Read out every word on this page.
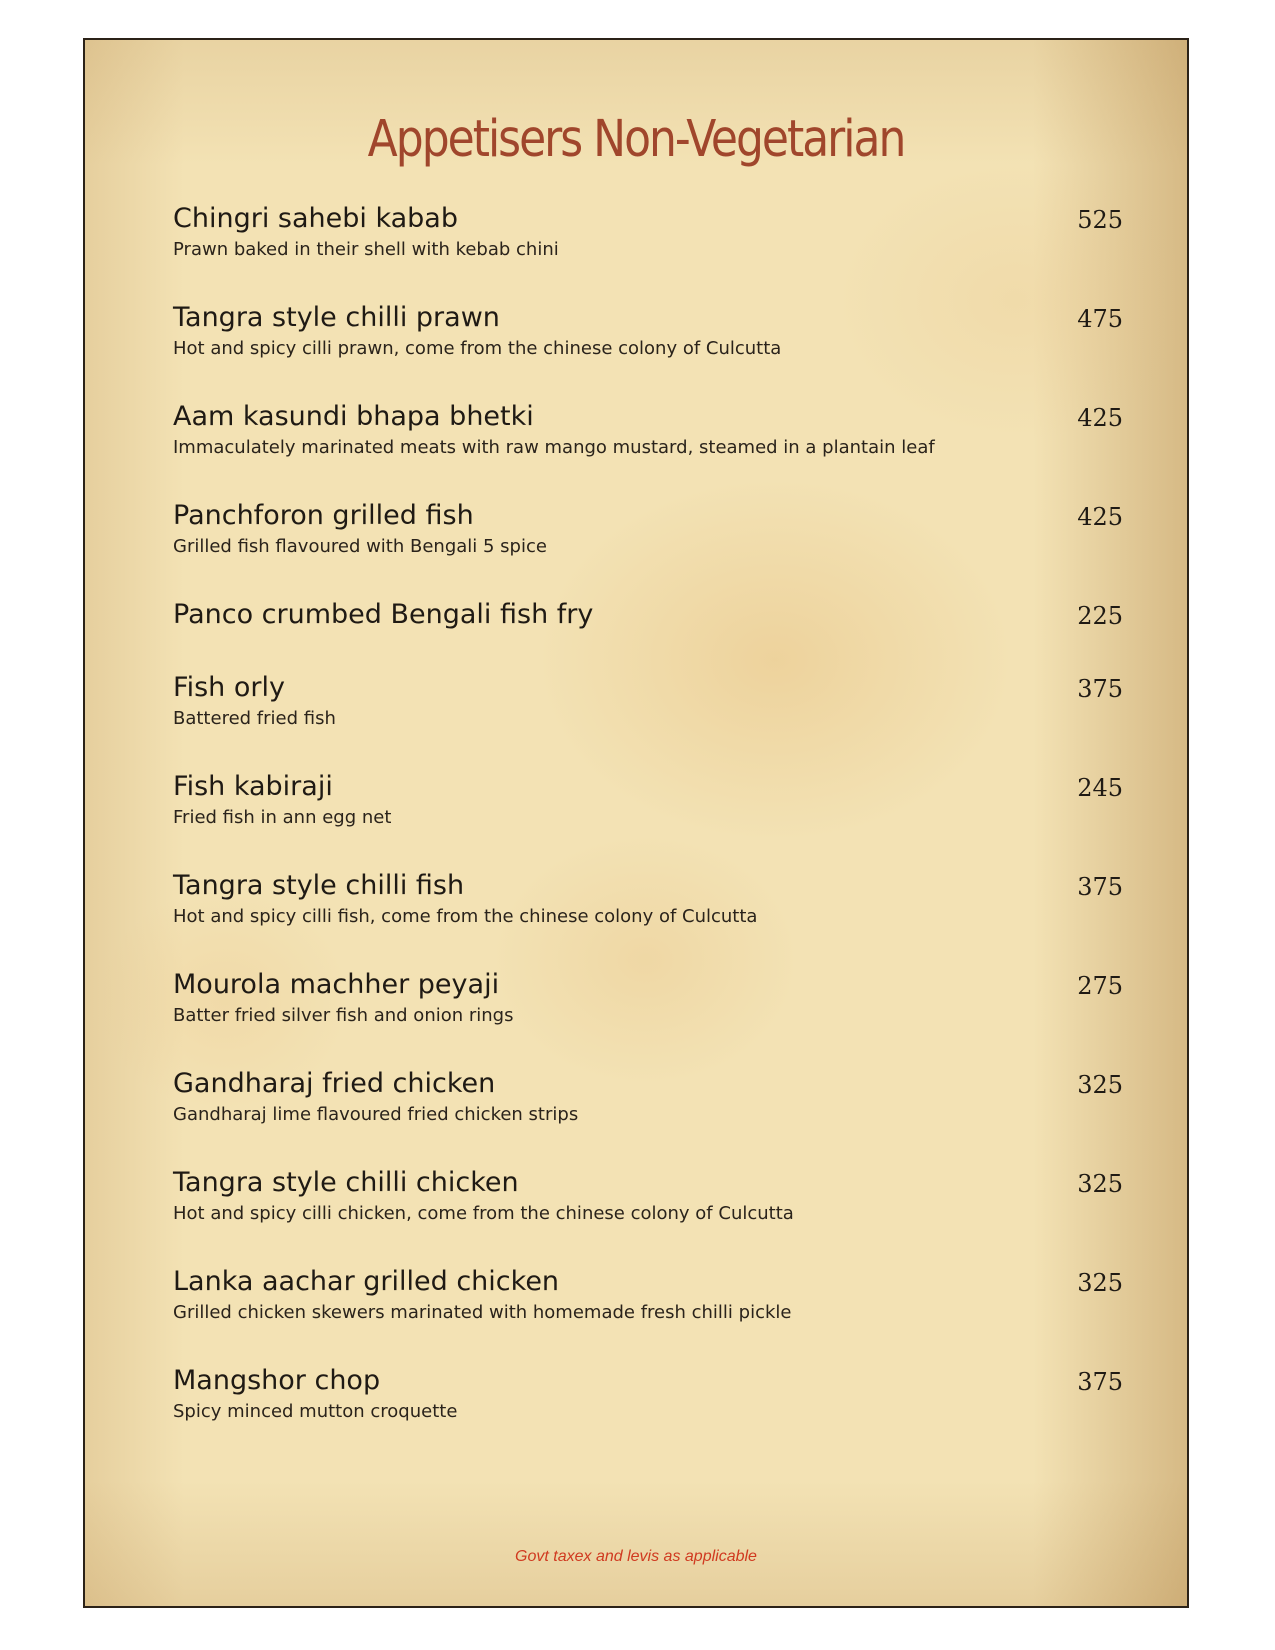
Appetisers Non-Vegetarian
Chingri sahebi kabab
Prawn baked in their shell with kebab chini
525
Tangra style chilli prawn
Hot and spicy cilli prawn, come from the chinese colony of Culcutta
475
Aam kasundi bhapa bhetki
Immaculately marinated meats with raw mango mustard, steamed in a plantain leaf
425
Panchforon grilled fish
Grilled fish flavoured with Bengali 5 spice
425
Panco crumbed Bengali fish fry	225
Fish orly
Battered fried fish
375
Fish kabiraji
Fried fish in ann egg net
245
Tangra style chilli fish
Hot and spicy cilli fish, come from the chinese colony of Culcutta
375
Mourola machher peyaji
Batter fried silver fish and onion rings
275
Gandharaj fried chicken
Gandharaj lime flavoured fried chicken strips
325
Tangra style chilli chicken
Hot and spicy cilli chicken, come from the chinese colony of Culcutta
325
Lanka aachar grilled chicken
Grilled chicken skewers marinated with homemade fresh chilli pickle
325
Mangshor chop
Spicy minced mutton croquette
375
Govt taxex and levis as applicable
